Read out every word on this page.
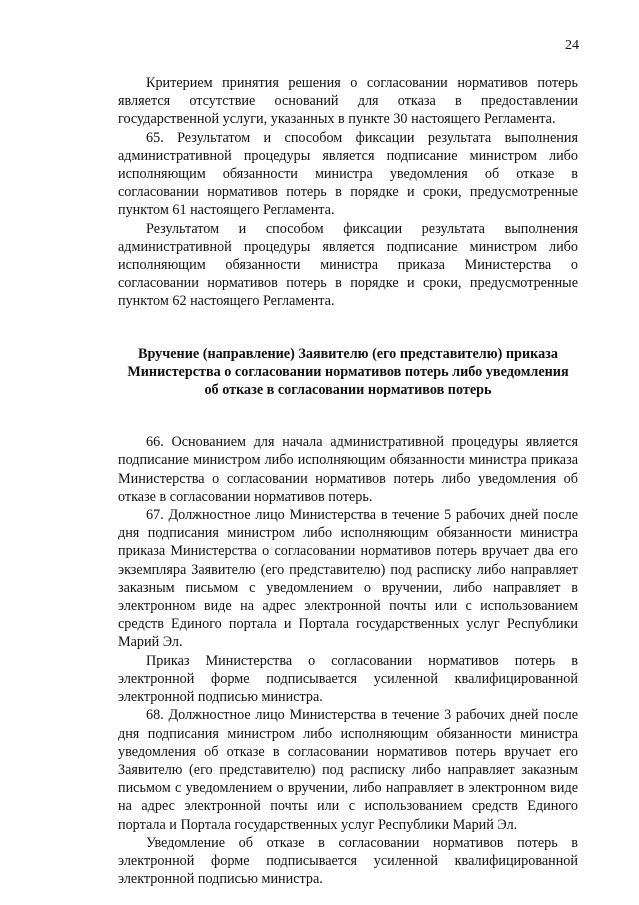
24

Критерием принятия решения о согласовании нормативов потерь является отсутствие оснований для отказа в предоставлении государственной услуги, указанных в пункте 30 настоящего Регламента.

65. Результатом и способом фиксации результата выполнения административной процедуры является подписание министром либо исполняющим обязанности министра уведомления об отказе в согласовании нормативов потерь в порядке и сроки, предусмотренные пунктом 61 настоящего Регламента.

Результатом и способом фиксации результата выполнения административной процедуры является подписание министром либо исполняющим обязанности министра приказа Министерства о согласовании нормативов потерь в порядке и сроки, предусмотренные пунктом 62 настоящего Регламента.

Вручение (направление) Заявителю (его представителю) приказа
Министерства о согласовании нормативов потерь либо уведомления
об отказе в согласовании нормативов потерь

66. Основанием для начала административной процедуры является подписание министром либо исполняющим обязанности министра приказа Министерства о согласовании нормативов потерь либо уведомления об отказе в согласовании нормативов потерь.

67. Должностное лицо Министерства в течение 5 рабочих дней после дня подписания министром либо исполняющим обязанности министра приказа Министерства о согласовании нормативов потерь вручает два его экземпляра Заявителю (его представителю) под расписку либо направляет заказным письмом с уведомлением о вручении, либо направляет в электронном виде на адрес электронной почты или с использованием средств Единого портала и Портала государственных услуг Республики Марий Эл.

Приказ Министерства о согласовании нормативов потерь в электронной форме подписывается усиленной квалифицированной электронной подписью министра.

68. Должностное лицо Министерства в течение 3 рабочих дней после дня подписания министром либо исполняющим обязанности министра уведомления об отказе в согласовании нормативов потерь вручает его Заявителю (его представителю) под расписку либо направляет заказным письмом с уведомлением о вручении, либо направляет в электронном виде на адрес электронной почты или с использованием средств Единого портала и Портала государственных услуг Республики Марий Эл.

Уведомление об отказе в согласовании нормативов потерь в электронной форме подписывается усиленной квалифицированной электронной подписью министра.
